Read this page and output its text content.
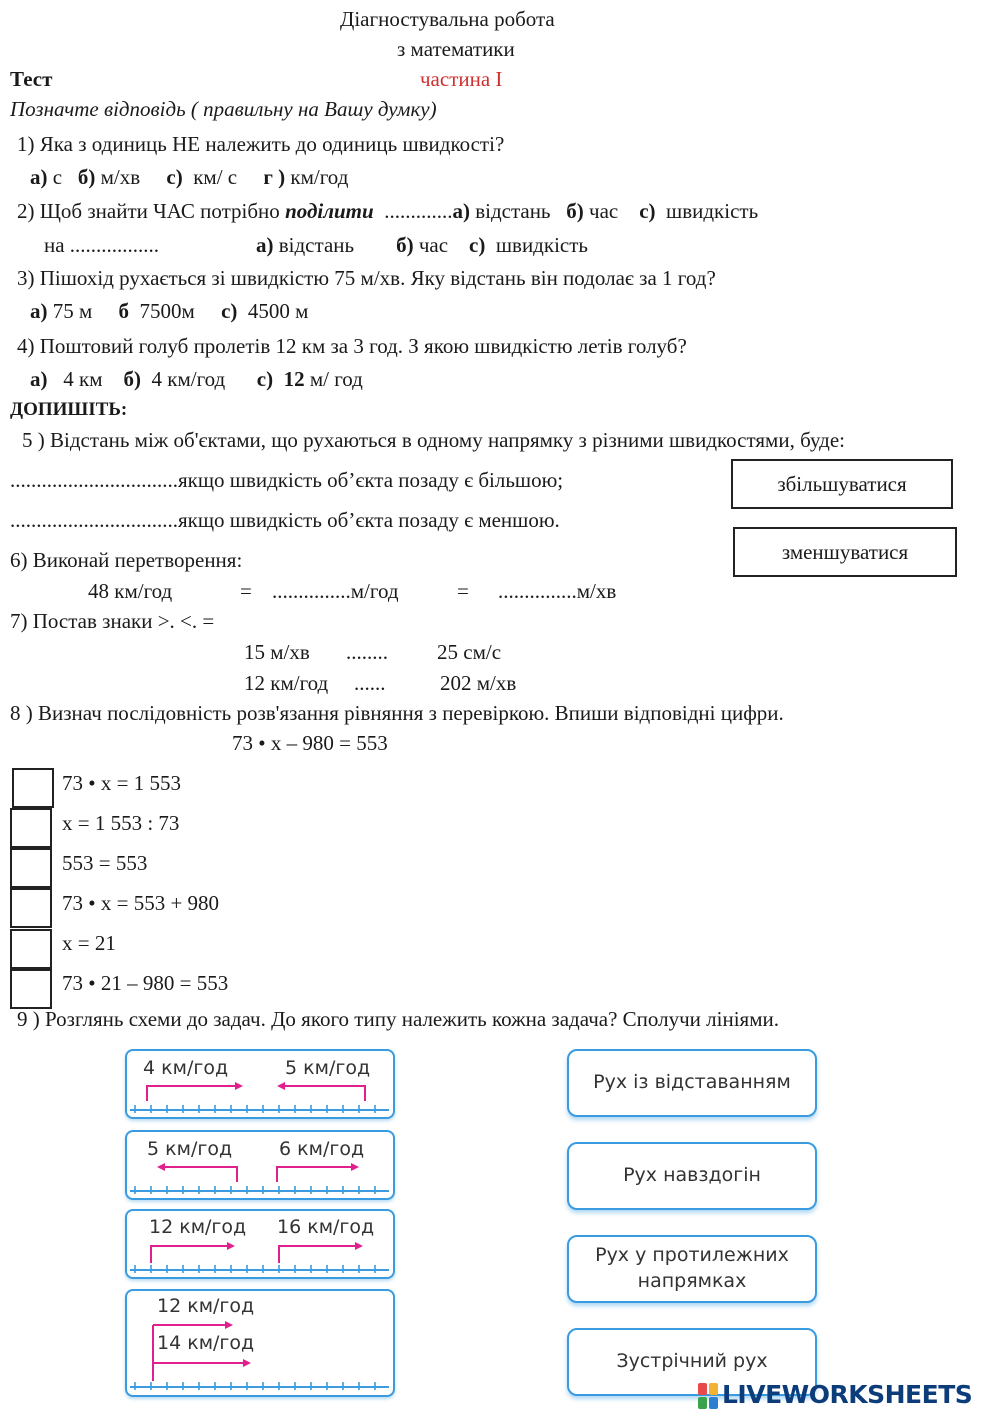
Діагностувальна робота
з математики
Тест	частина І
Позначте відповідь ( правильну на Вашу думку)
1) Яка з одиниць НЕ належить до одиниць швидкості?
а) с б) м/хв с) км/ с г ) км/год
2) Щоб знайти ЧАС потрібно поділити .............а) відстань б) час с) швидкість
на .................	а) відстань б) час с) швидкість
3) Пішохід рухається зі швидкістю 75 м/хв. Яку відстань він подолає за 1 год?
а) 75 м б 7500м с) 4500 м
4) Поштовий голуб пролетів 12 км за 3 год. З якою швидкістю летів голуб?
а) 4 км б) 4 км/год с) 12 м/ год
ДОПИШІТЬ:
5 ) Відстань між об'єктами, що рухаються в одному напрямку з різними швидкостями, буде:
................................якщо швидкість об’єкта позаду є більшою;
................................якщо швидкість об’єкта позаду є меншою.
збільшуватися
зменшуватися
6) Виконай перетворення:
48 км/год	= ...............м/год	= ...............м/хв
7) Постав знаки >. <. =
15 м/хв ........ 25 см/с
12 км/год ......	202 м/хв
8 ) Визнач послідовність розв'язання рівняння з перевіркою. Впиши відповідні цифри.
73 • х – 980 = 553
73 • х = 1 553
х = 1 553 : 73
553 = 553
73 • х = 553 + 980
х = 21
73 • 21 – 980 = 553
9 ) Розглянь схеми до задач. До якого типу належить кожна задача? Сполучи лініями.
4 км/год	5 км/год
5 км/год 6 км/год
12 км/год 16 км/год
12 км/год
14 км/год
Рух із відставанням
Рух навздогін
Рух у протилежних
напрямках
Зустрічний рух
LIVEWORKSHEETS
